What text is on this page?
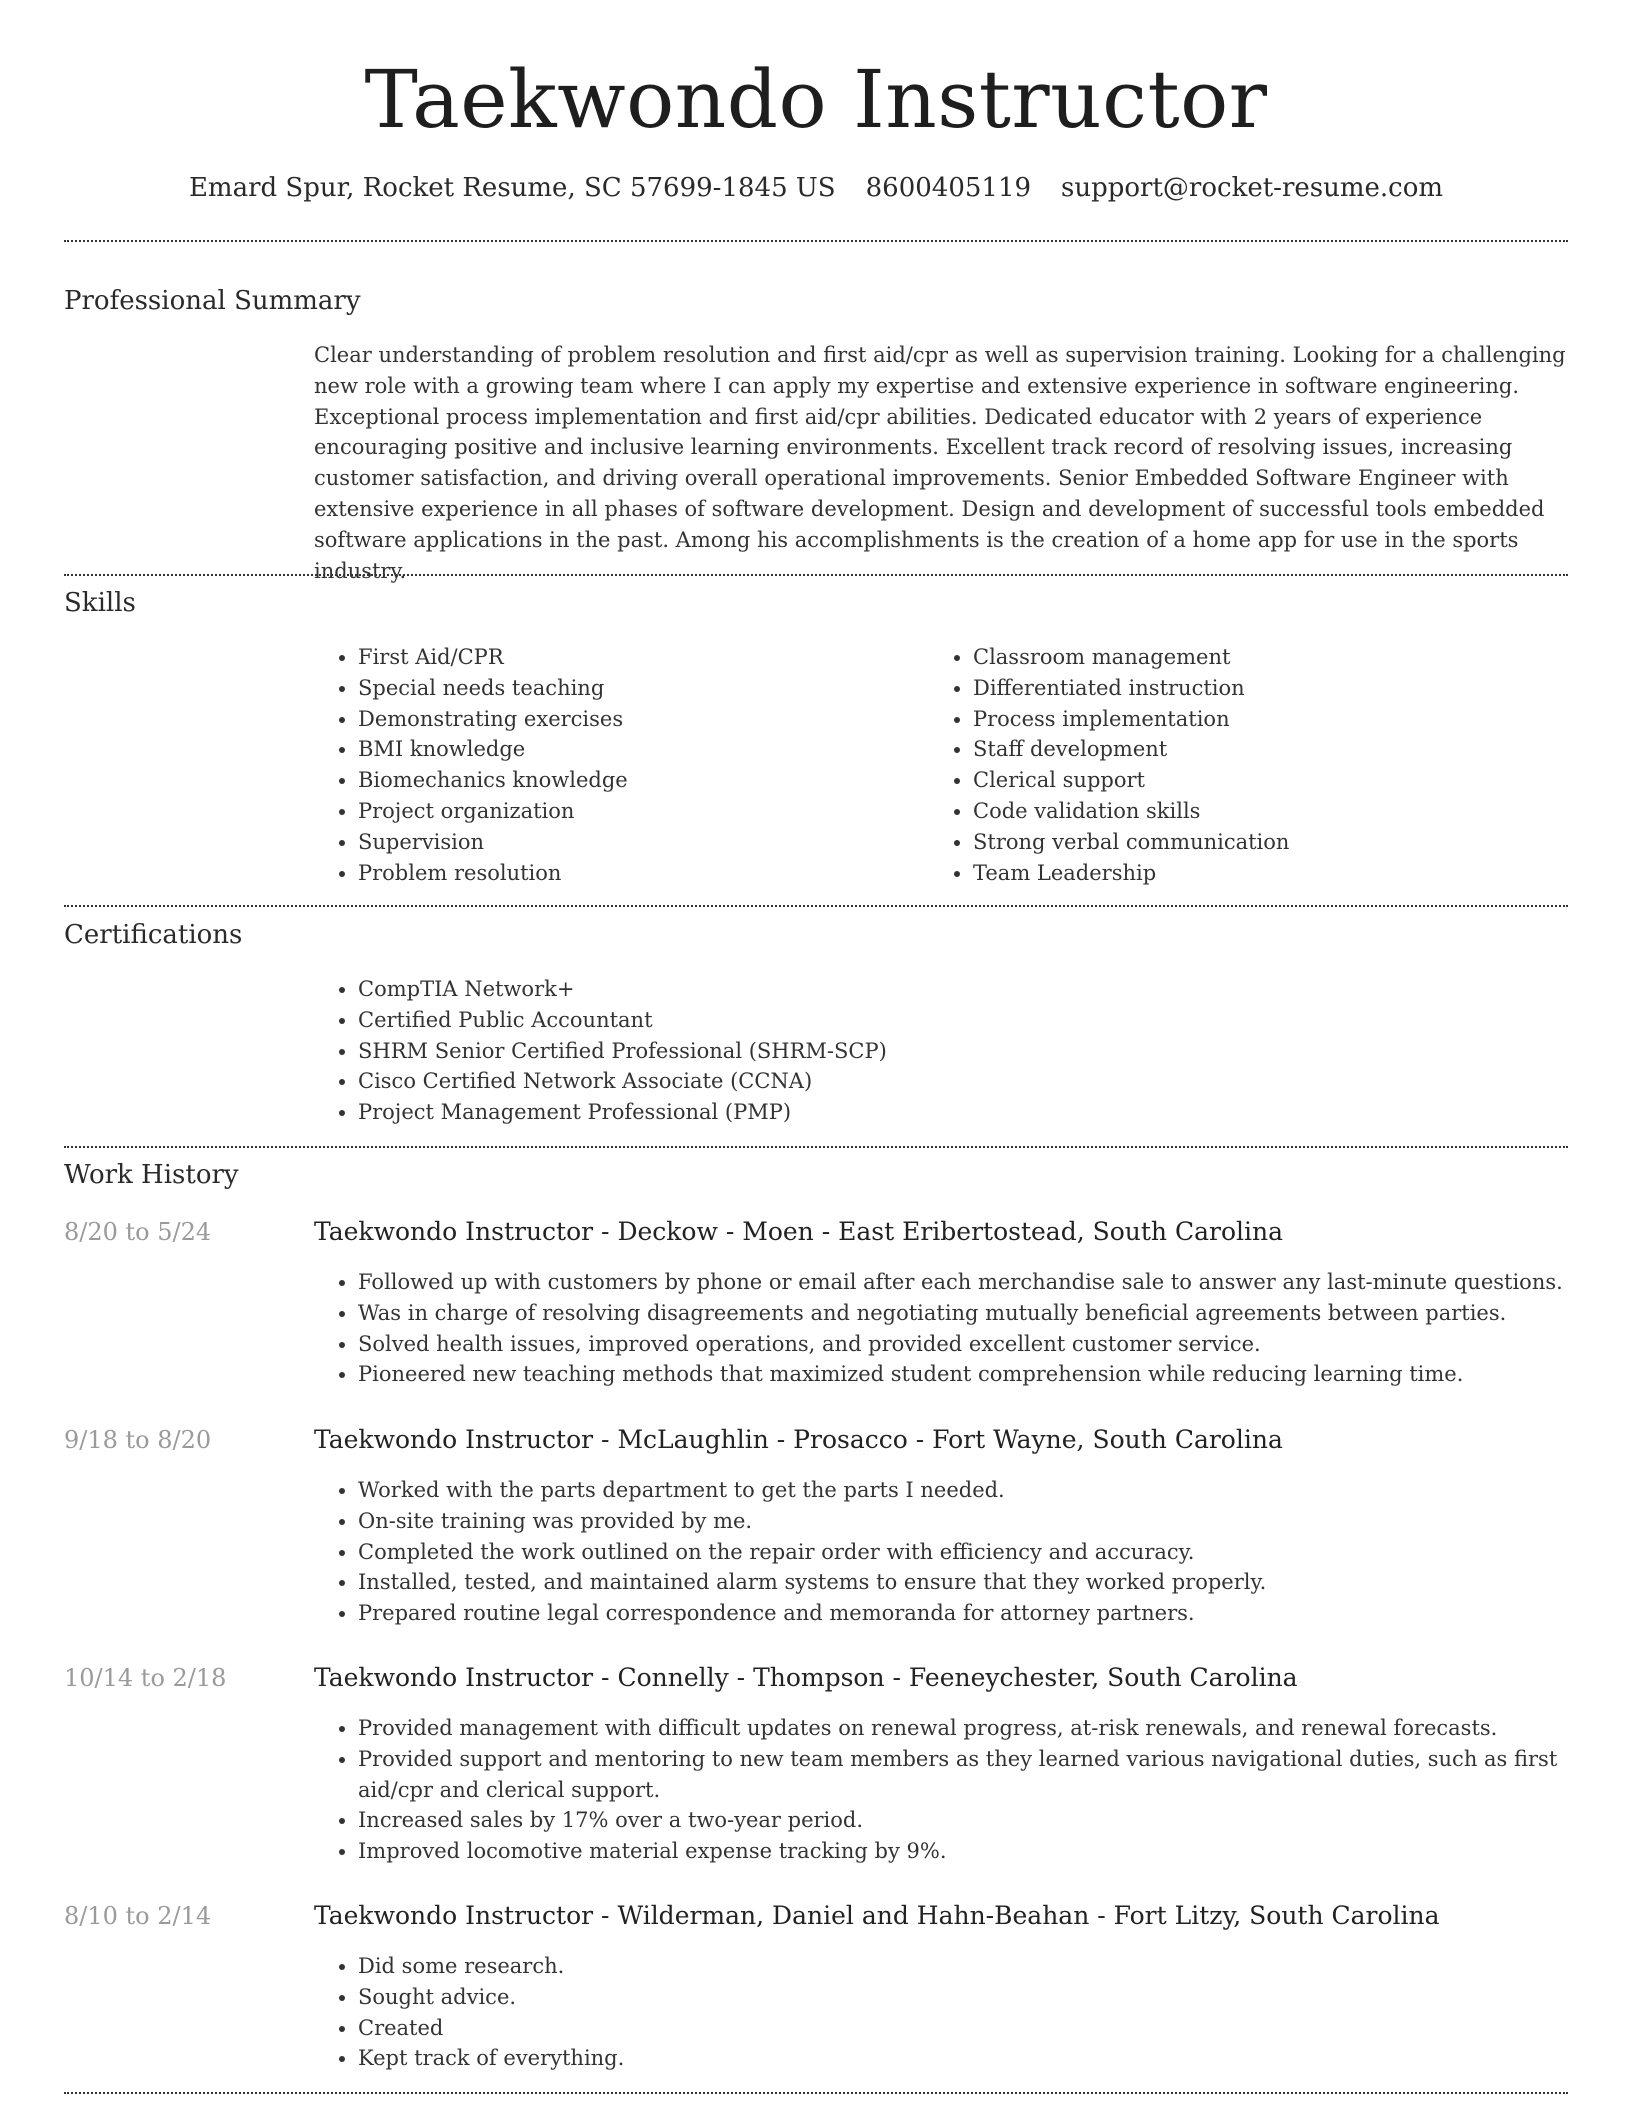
Taekwondo Instructor
Emard Spur, Rocket Resume, SC 57699-1845 US 8600405119 support@rocket-resume.com
Professional Summary

Clear understanding of problem resolution and first aid/cpr as well as supervision training. Looking for a challenging new role with a growing team where I can apply my expertise and extensive experience in software engineering. Exceptional process implementation and first aid/cpr abilities. Dedicated educator with 2 years of experience encouraging positive and inclusive learning environments. Excellent track record of resolving issues, increasing customer satisfaction, and driving overall operational improvements. Senior Embedded Software Engineer with extensive experience in all phases of software development. Design and development of successful tools embedded software applications in the past. Among his accomplishments is the creation of a home app for use in the sports industry.

Skills
• First Aid/CPR
• Special needs teaching
• Demonstrating exercises
• BMI knowledge
• Biomechanics knowledge
• Project organization
• Supervision
• Problem resolution
• Classroom management
• Differentiated instruction
• Process implementation
• Staff development
• Clerical support
• Code validation skills
• Strong verbal communication
• Team Leadership
Certifications
• CompTIA Network+
• Certified Public Accountant
• SHRM Senior Certified Professional (SHRM-SCP)
• Cisco Certified Network Associate (CCNA)
• Project Management Professional (PMP)
Work History
8/20 to 5/24	Taekwondo Instructor - Deckow - Moen - East Eribertostead, South Carolina
• Followed up with customers by phone or email after each merchandise sale to answer any last-minute questions.
• Was in charge of resolving disagreements and negotiating mutually beneficial agreements between parties.
• Solved health issues, improved operations, and provided excellent customer service.
• Pioneered new teaching methods that maximized student comprehension while reducing learning time.
9/18 to 8/20	Taekwondo Instructor - McLaughlin - Prosacco - Fort Wayne, South Carolina
• Worked with the parts department to get the parts I needed.
• On-site training was provided by me.
• Completed the work outlined on the repair order with efficiency and accuracy.
• Installed, tested, and maintained alarm systems to ensure that they worked properly.
• Prepared routine legal correspondence and memoranda for attorney partners.
10/14 to 2/18	Taekwondo Instructor - Connelly - Thompson - Feeneychester, South Carolina
• Provided management with difficult updates on renewal progress, at-risk renewals, and renewal forecasts.
• Provided support and mentoring to new team members as they learned various navigational duties, such as first aid/cpr and clerical support.
• Increased sales by 17% over a two-year period.
• Improved locomotive material expense tracking by 9%.
8/10 to 2/14	Taekwondo Instructor - Wilderman, Daniel and Hahn-Beahan - Fort Litzy, South Carolina
• Did some research.
• Sought advice.
• Created
• Kept track of everything.
